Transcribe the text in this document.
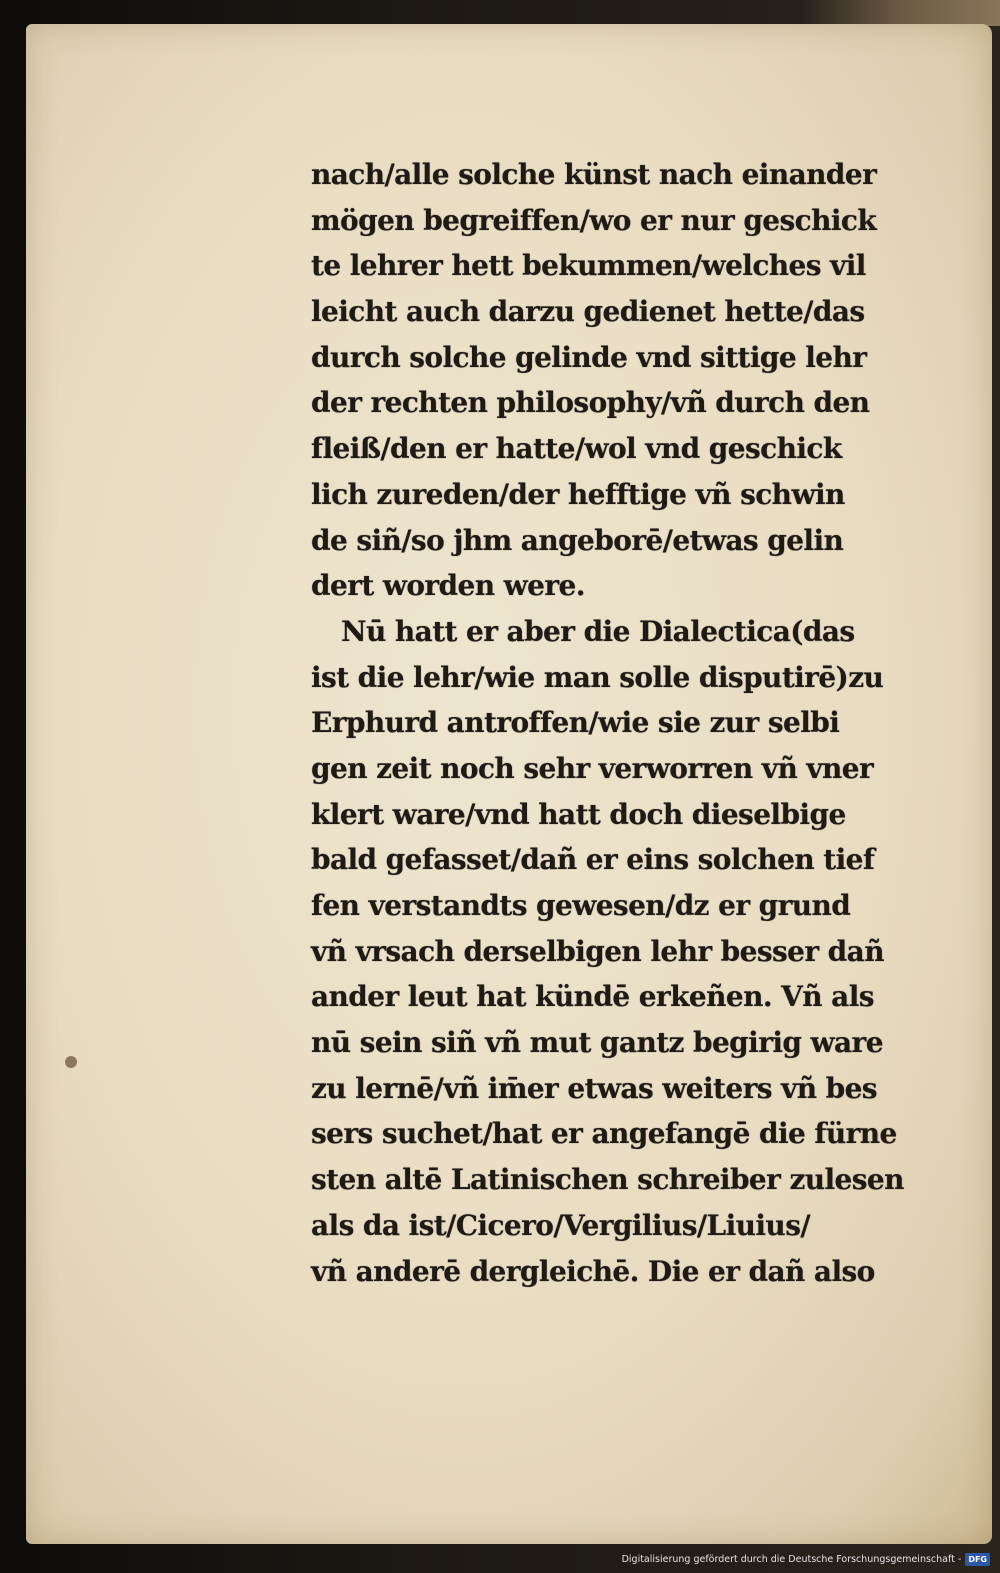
nach/alle solche künst nach einander
mögen begreiffen/wo er nur geschick
te lehrer hett bekummen/welches vil
leicht auch darzu gedienet hette/das
durch solche gelinde vnd sittige lehr
der rechten philosophy/vñ durch den
fleiß/den er hatte/wol vnd geschick
lich zureden/der hefftige vñ schwin
de siñ/so jhm angeborē/etwas gelin
dert worden were.
Nū hatt er aber die Dialectica(das
ist die lehr/wie man solle disputirē)zu
Erphurd antroffen/wie sie zur selbi
gen zeit noch sehr verworren vñ vner
klert ware/vnd hatt doch dieselbige
bald gefasset/dañ er eins solchen tief
fen verstandts gewesen/dz er grund
vñ vrsach derselbigen lehr besser dañ
ander leut hat kündē erkeñen. Vñ als
nū sein siñ vñ mut gantz begirig ware
zu lernē/vñ im̄er etwas weiters vñ bes
sers suchet/hat er angefangē die fürne
sten altē Latinischen schreiber zulesen
als da ist/Cicero/Vergilius/Liuius/
vñ anderē dergleichē. Die er dañ also
Digitalisierung gefördert durch die Deutsche Forschungsgemeinschaft - DFG
